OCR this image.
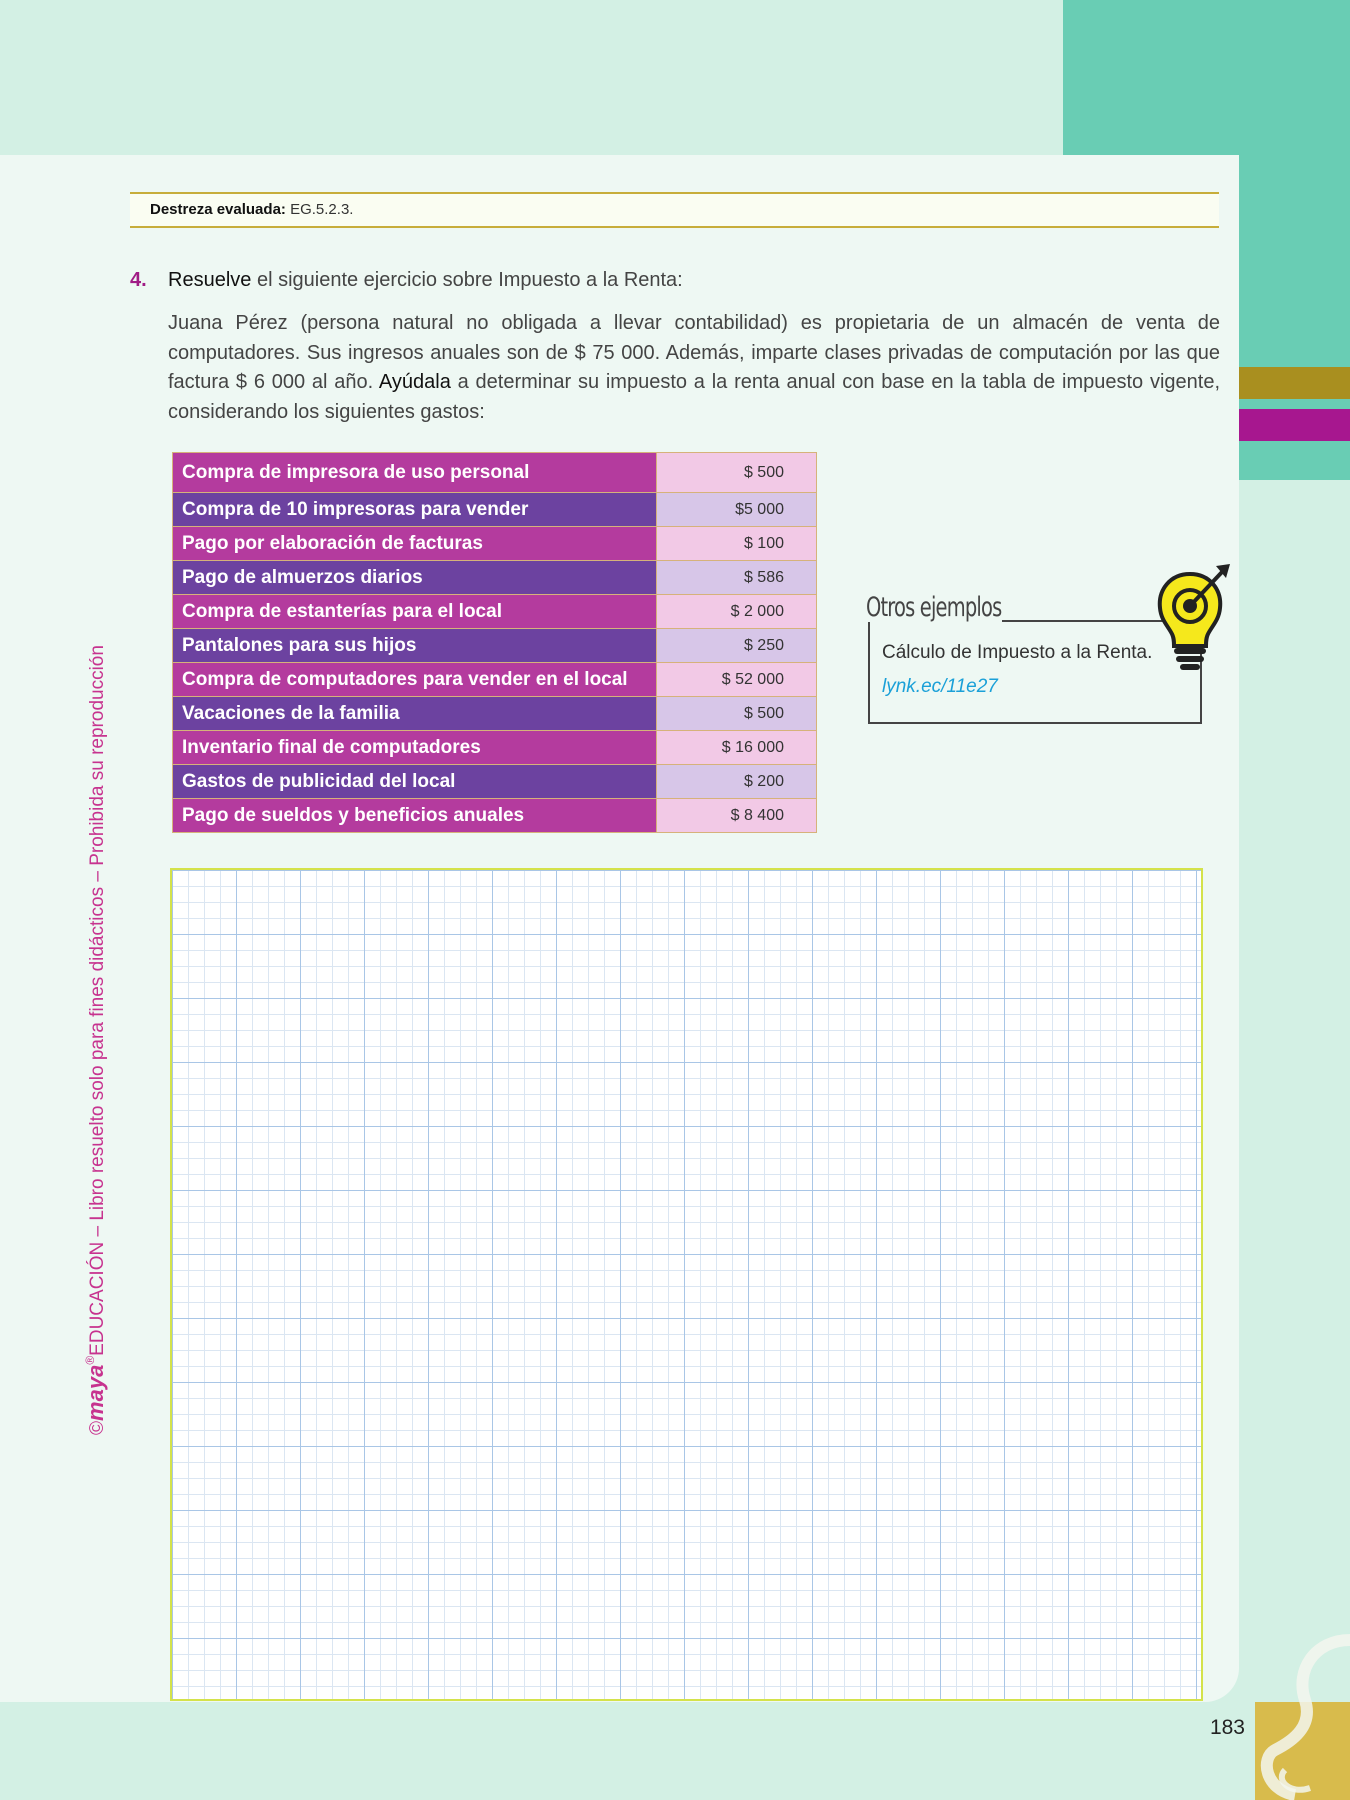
183
©maya®EDUCACIÓN – Libro resuelto solo para fines didácticos – Prohibida su reproducción
Destreza evaluada: EG.5.2.3.
4. Resuelve el siguiente ejercicio sobre Impuesto a la Renta:
Juana Pérez (persona natural no obligada a llevar contabilidad) es propietaria de un almacén de venta de computadores. Sus ingresos anuales son de $ 75 000. Además, imparte clases privadas de computación por las que factura $ 6 000 al año. Ayúdala a determinar su impuesto a la renta anual con base en la tabla de impuesto vigente, considerando los siguientes gastos:
Compra de impresora de uso personal	$ 500
Compra de 10 impresoras para vender	$5 000
Pago por elaboración de facturas	$ 100
Pago de almuerzos diarios	$ 586
Compra de estanterías para el local	$ 2 000
Pantalones para sus hijos	$ 250
Compra de computadores para vender en el local	$ 52 000
Vacaciones de la familia	$ 500
Inventario final de computadores	$ 16 000
Gastos de publicidad del local	$ 200
Pago de sueldos y beneficios anuales	$ 8 400
Otros ejemplos
Cálculo de Impuesto a la Renta.
lynk.ec/11e27
